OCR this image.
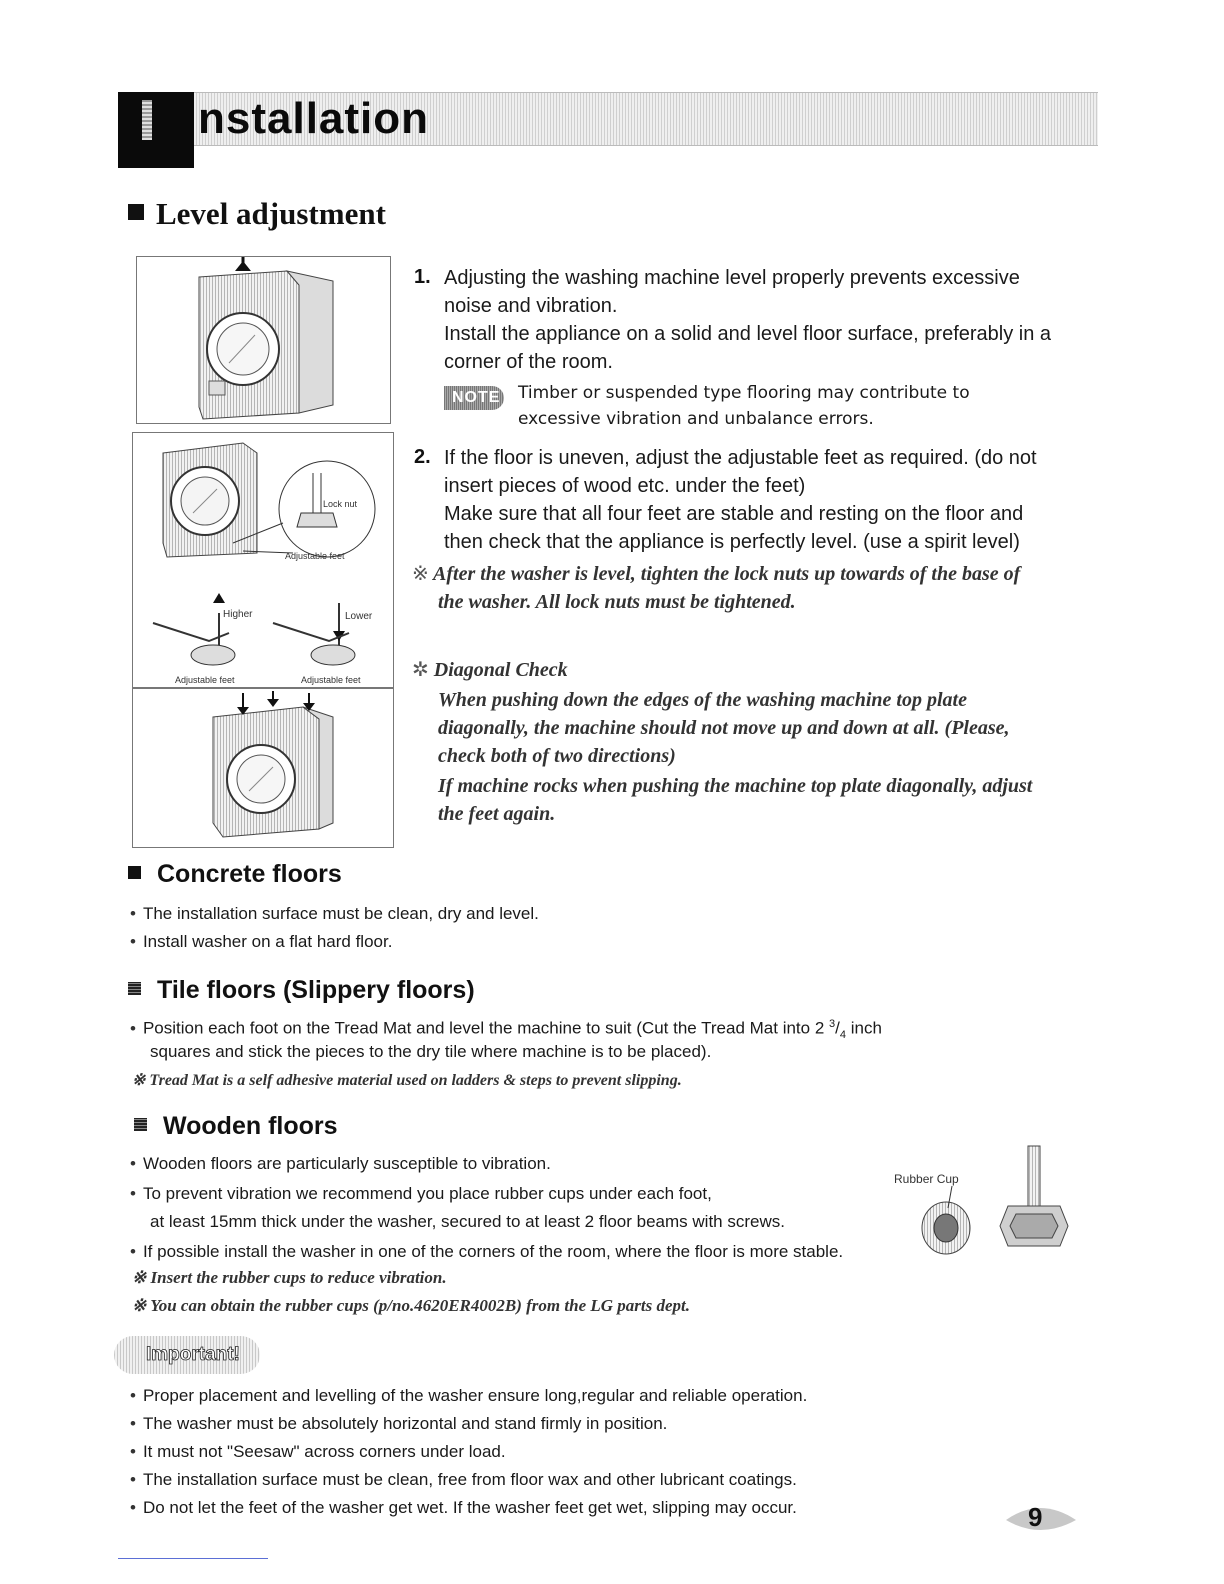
nstallation
Level adjustment
Lock nut
Adjustable feet
Higher	Lower
Adjustable feet	Adjustable feet
1. Adjusting the washing machine level properly prevents excessive
noise and vibration.
Install the appliance on a solid and level floor surface, preferably in a
corner of the room.
NOTE Timber or suspended type flooring may contribute to
excessive vibration and unbalance errors.
2. If the floor is uneven, adjust the adjustable feet as required. (do not
insert pieces of wood etc. under the feet)
Make sure that all four feet are stable and resting on the floor and
then check that the appliance is perfectly level. (use a spirit level)
※ After the washer is level, tighten the lock nuts up towards of the base of
the washer. All lock nuts must be tightened.
✲ Diagonal Check
When pushing down the edges of the washing machine top plate
diagonally, the machine should not move up and down at all. (Please,
check both of two directions)
If machine rocks when pushing the machine top plate diagonally, adjust
the feet again.
Concrete floors
• The installation surface must be clean, dry and level.
• Install washer on a flat hard floor.
Tile floors (Slippery floors)
• Position each foot on the Tread Mat and level the machine to suit (Cut the Tread Mat into 2 $^3/_4$ inch
squares and stick the pieces to the dry tile where machine is to be placed).
※ Tread Mat is a self adhesive material used on ladders & steps to prevent slipping.
Wooden floors
• Wooden floors are particularly susceptible to vibration.
• To prevent vibration we recommend you place rubber cups under each foot,
at least 15mm thick under the washer, secured to at least 2 floor beams with screws.
• If possible install the washer in one of the corners of the room, where the floor is more stable.
※ Insert the rubber cups to reduce vibration.
※ You can obtain the rubber cups (p/no.4620ER4002B) from the LG parts dept.
Rubber Cup
Important!
• Proper placement and levelling of the washer ensure long,regular and reliable operation.
• The washer must be absolutely horizontal and stand firmly in position.
• It must not "Seesaw" across corners under load.
• The installation surface must be clean, free from floor wax and other lubricant coatings.
• Do not let the feet of the washer get wet. If the washer feet get wet, slipping may occur.	9
